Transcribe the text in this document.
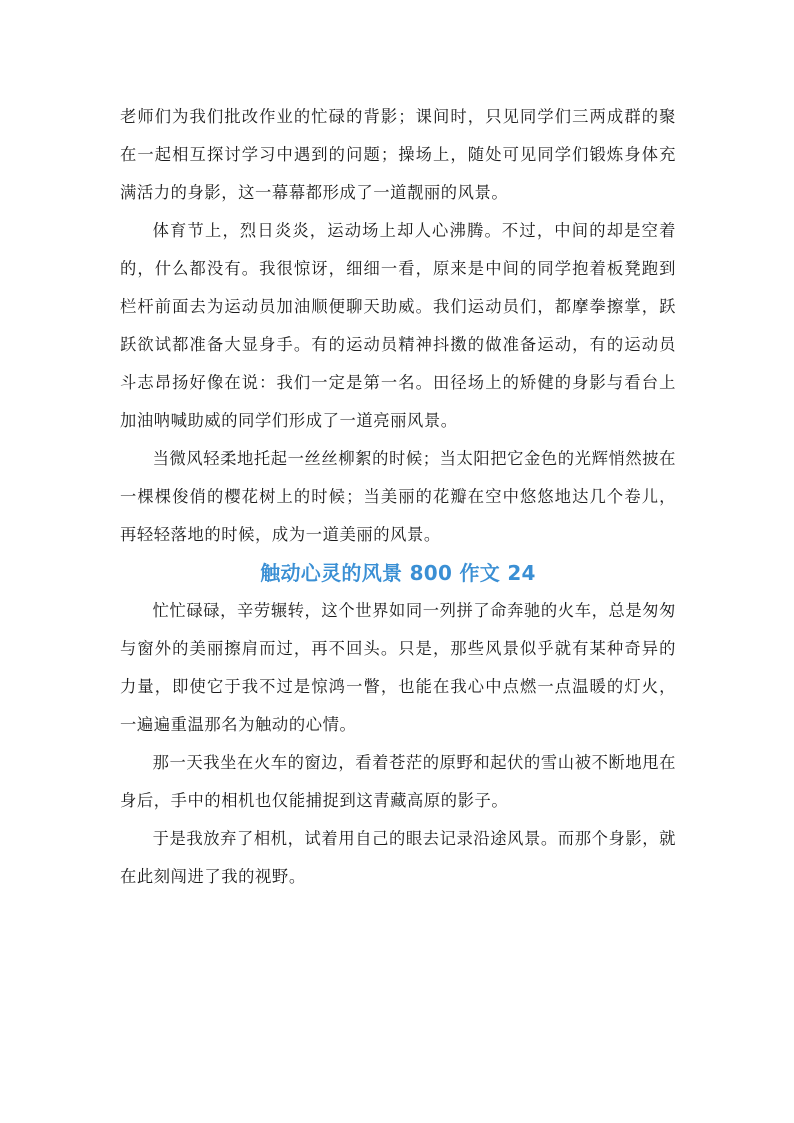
老师们为我们批改作业的忙碌的背影；课间时，只见同学们三两成群的聚在一起相互探讨学习中遇到的问题；操场上，随处可见同学们锻炼身体充满活力的身影，这一幕幕都形成了一道靓丽的风景。

体育节上，烈日炎炎，运动场上却人心沸腾。不过，中间的却是空着的，什么都没有。我很惊讶，细细一看，原来是中间的同学抱着板凳跑到栏杆前面去为运动员加油顺便聊天助威。我们运动员们，都摩拳擦掌，跃跃欲试都准备大显身手。有的运动员精神抖擞的做准备运动，有的运动员斗志昂扬好像在说：我们一定是第一名。田径场上的矫健的身影与看台上加油呐喊助威的同学们形成了一道亮丽风景。

当微风轻柔地托起一丝丝柳絮的时候；当太阳把它金色的光辉悄然披在一棵棵俊俏的樱花树上的时候；当美丽的花瓣在空中悠悠地达几个卷儿，再轻轻落地的时候，成为一道美丽的风景。

触动心灵的风景 800 作文 24

忙忙碌碌，辛劳辗转，这个世界如同一列拼了命奔驰的火车，总是匆匆与窗外的美丽擦肩而过，再不回头。只是，那些风景似乎就有某种奇异的力量，即使它于我不过是惊鸿一瞥，也能在我心中点燃一点温暖的灯火，一遍遍重温那名为触动的心情。

那一天我坐在火车的窗边，看着苍茫的原野和起伏的雪山被不断地甩在身后，手中的相机也仅能捕捉到这青藏高原的影子。

于是我放弃了相机，试着用自己的眼去记录沿途风景。而那个身影，就在此刻闯进了我的视野。
